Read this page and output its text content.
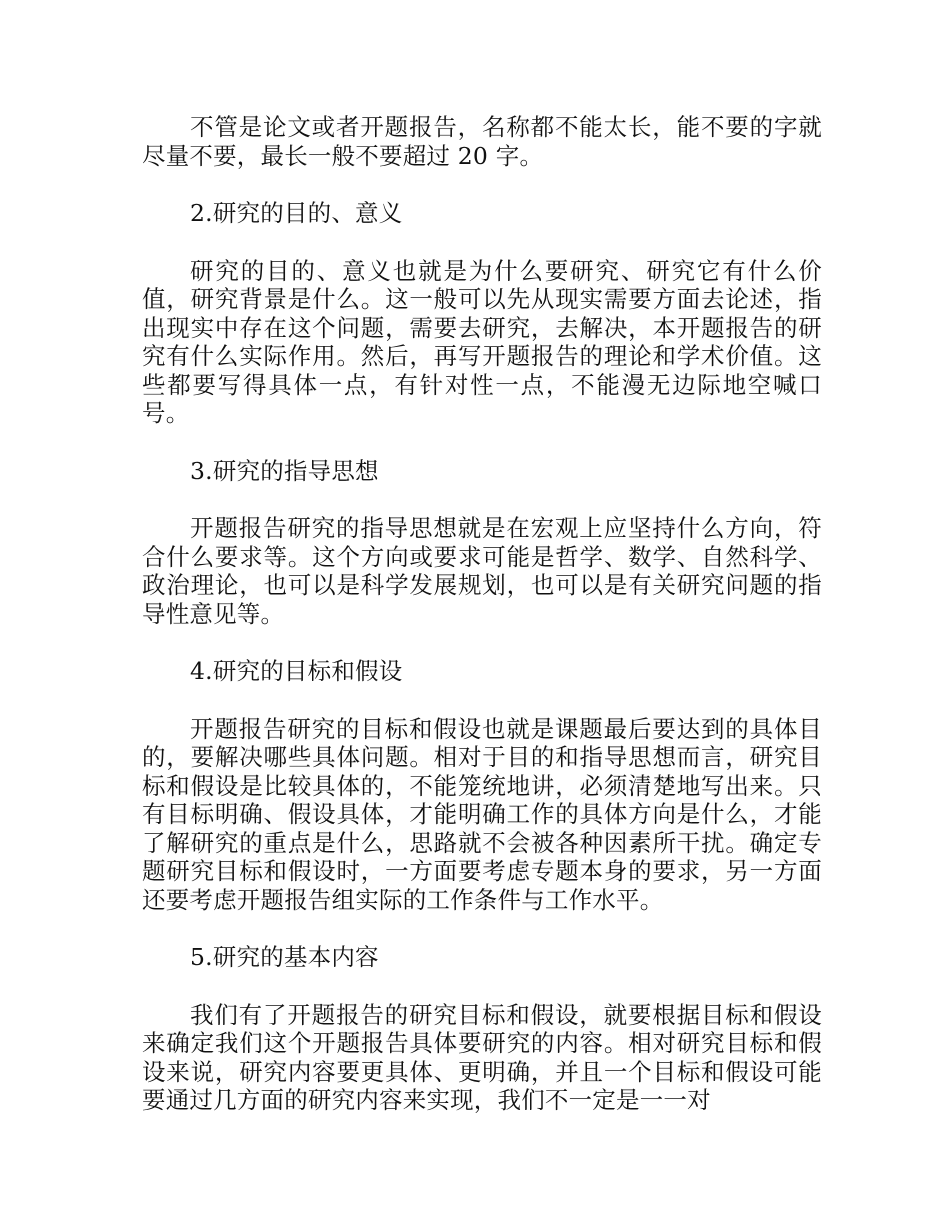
不管是论文或者开题报告，名称都不能太长，能不要的字就尽量不要，最长一般不要超过 20 字。

2.研究的目的、意义

研究的目的、意义也就是为什么要研究、研究它有什么价值，研究背景是什么。这一般可以先从现实需要方面去论述，指出现实中存在这个问题，需要去研究，去解决，本开题报告的研究有什么实际作用。然后，再写开题报告的理论和学术价值。这些都要写得具体一点，有针对性一点，不能漫无边际地空喊口号。

3.研究的指导思想

开题报告研究的指导思想就是在宏观上应坚持什么方向，符合什么要求等。这个方向或要求可能是哲学、数学、自然科学、政治理论，也可以是科学发展规划，也可以是有关研究问题的指导性意见等。

4.研究的目标和假设

开题报告研究的目标和假设也就是课题最后要达到的具体目的，要解决哪些具体问题。相对于目的和指导思想而言，研究目标和假设是比较具体的，不能笼统地讲，必须清楚地写出来。只有目标明确、假设具体，才能明确工作的具体方向是什么，才能了解研究的重点是什么，思路就不会被各种因素所干扰。确定专题研究目标和假设时，一方面要考虑专题本身的要求，另一方面还要考虑开题报告组实际的工作条件与工作水平。

5.研究的基本内容

我们有了开题报告的研究目标和假设，就要根据目标和假设来确定我们这个开题报告具体要研究的内容。相对研究目标和假设来说，研究内容要更具体、更明确，并且一个目标和假设可能要通过几方面的研究内容来实现，我们不一定是一一对
